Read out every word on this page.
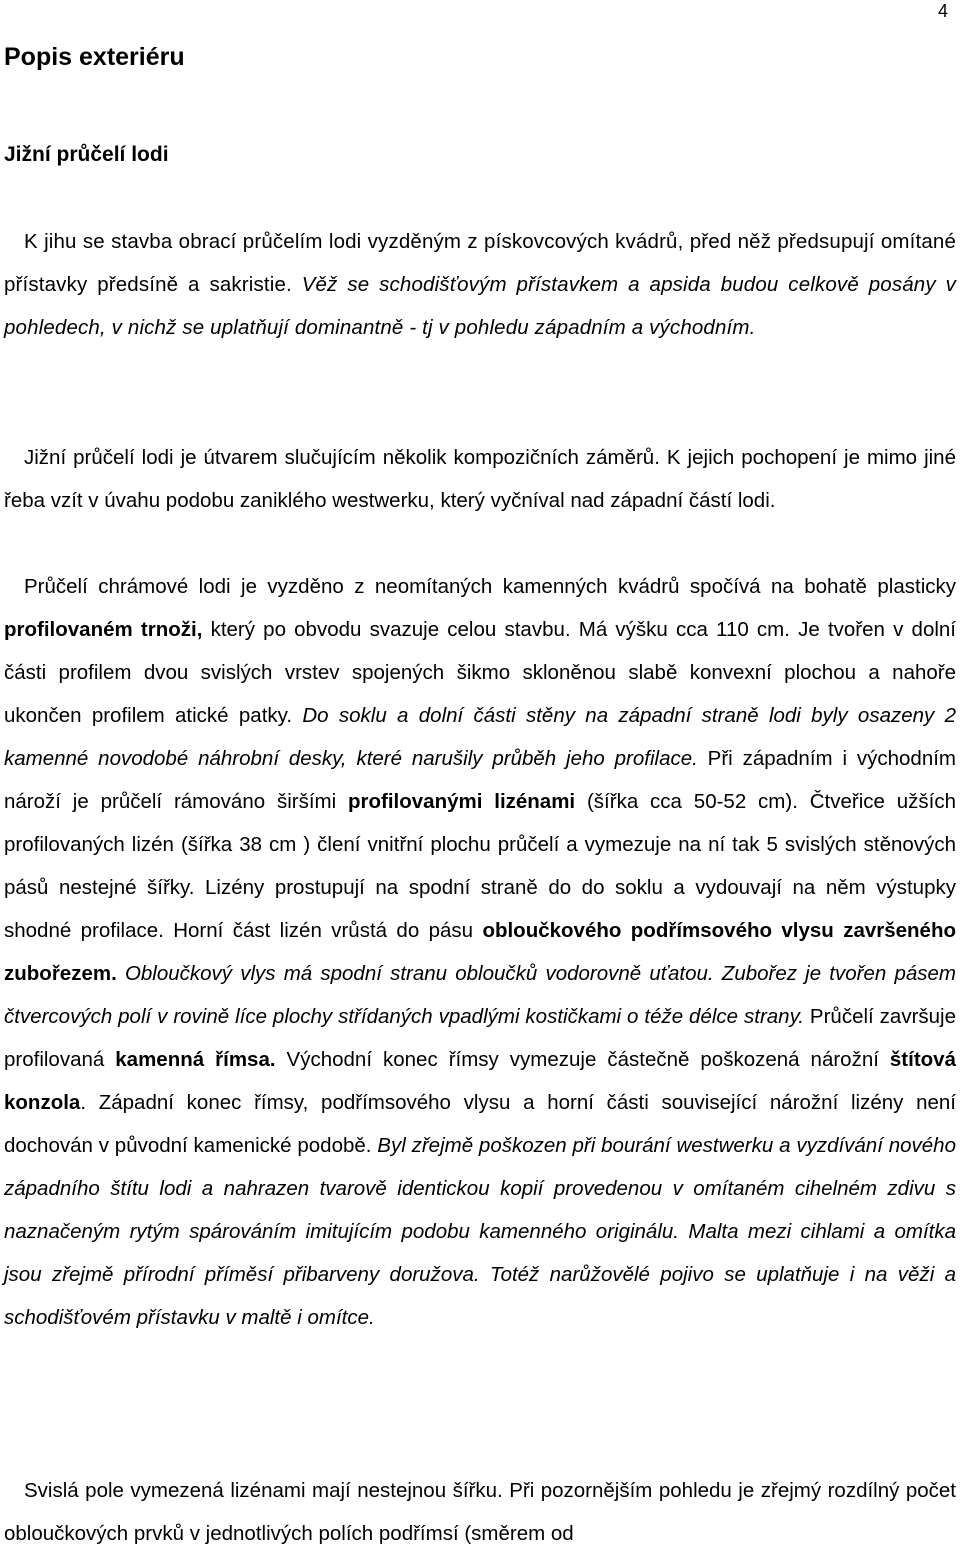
4
Popis exteriéru
Jižní průčelí lodi

K jihu se stavba obrací průčelím lodi vyzděným z pískovcových kvádrů, před něž předsupují omítané přístavky předsíně a sakristie. Věž se schodišťovým přístavkem a apsida budou celkově posány v pohledech, v nichž se uplatňují dominantně - tj v pohledu západním a východním.

Jižní průčelí lodi je útvarem slučujícím několik kompozičních záměrů. K jejich pochopení je mimo jiné řeba vzít v úvahu podobu zaniklého westwerku, který vyčníval nad západní částí lodi.

Průčelí chrámové lodi je vyzděno z neomítaných kamenných kvádrů spočívá na bohatě plasticky profilovaném trnoži, který po obvodu svazuje celou stavbu. Má výšku cca 110 cm. Je tvořen v dolní části profilem dvou svislých vrstev spojených šikmo skloněnou slabě konvexní plochou a nahoře ukončen profilem atické patky. Do soklu a dolní části stěny na západní straně lodi byly osazeny 2 kamenné novodobé náhrobní desky, které narušily průběh jeho profilace. Při západním i východním nároží je průčelí rámováno širšími profilovanými lizénami (šířka cca 50-52 cm). Čtveřice užších profilovaných lizén (šířka 38 cm ) člení vnitřní plochu průčelí a vymezuje na ní tak 5 svislých stěnových pásů nestejné šířky. Lizény prostupují na spodní straně do do soklu a vydouvají na něm výstupky shodné profilace. Horní část lizén vrůstá do pásu obloučkového podřímsového vlysu završeného zubořezem. Obloučkový vlys má spodní stranu obloučků vodorovně uťatou. Zubořez je tvořen pásem čtvercových polí v rovině líce plochy střídaných vpadlými kostičkami o téže délce strany. Průčelí završuje profilovaná kamenná římsa. Východní konec římsy vymezuje částečně poškozená nárožní štítová konzola. Západní konec římsy, podřímsového vlysu a horní části související nárožní lizény není dochován v původní kamenické podobě. Byl zřejmě poškozen při bourání westwerku a vyzdívání nového západního štítu lodi a nahrazen tvarově identickou kopií provedenou v omítaném cihelném zdivu s naznačeným rytým spárováním imitujícím podobu kamenného originálu. Malta mezi cihlami a omítka jsou zřejmě přírodní příměsí přibarveny doružova. Totéž narůžovělé pojivo se uplatňuje i na věži a schodišťovém přístavku v maltě i omítce.

Svislá pole vymezená lizénami mají nestejnou šířku. Při pozornějším pohledu je zřejmý rozdílný počet obloučkových prvků v jednotlivých polích podřímsí (směrem od
